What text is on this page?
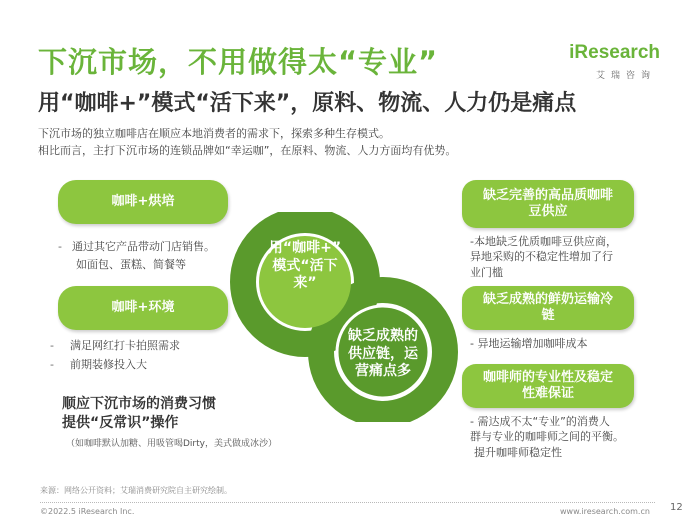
下沉市场，不用做得太“专业”
用“咖啡+”模式“活下来”，原料、物流、人力仍是痛点
下沉市场的独立咖啡店在顺应本地消费者的需求下，探索多种生存模式。
相比而言，主打下沉市场的连锁品牌如“幸运咖”，在原料、物流、人力方面均有优势。
iResearch
艾瑞咨询
用“咖啡+”
模式“活下
来”
缺乏成熟的
供应链，运
营痛点多
咖啡+烘培
- 通过其它产品带动门店销售。
如面包、蛋糕、简餐等
咖啡+环境
- 满足网红打卡拍照需求
- 前期装修投入大
顺应下沉市场的消费习惯
提供“反常识”操作
（如咖啡默认加糖、用吸管喝Dirty，美式做成冰沙）
缺乏完善的高品质咖啡
豆供应
-本地缺乏优质咖啡豆供应商，
异地采购的不稳定性增加了行
业门槛
缺乏成熟的鲜奶运输冷
链
- 异地运输增加咖啡成本
咖啡师的专业性及稳定
性难保证
- 需达成不太“专业”的消费人
群与专业的咖啡师之间的平衡。
提升咖啡师稳定性
来源：网络公开资料；艾瑞消费研究院自主研究绘制。
©2022.5 iResearch Inc.	www.iresearch.com.cn 12
